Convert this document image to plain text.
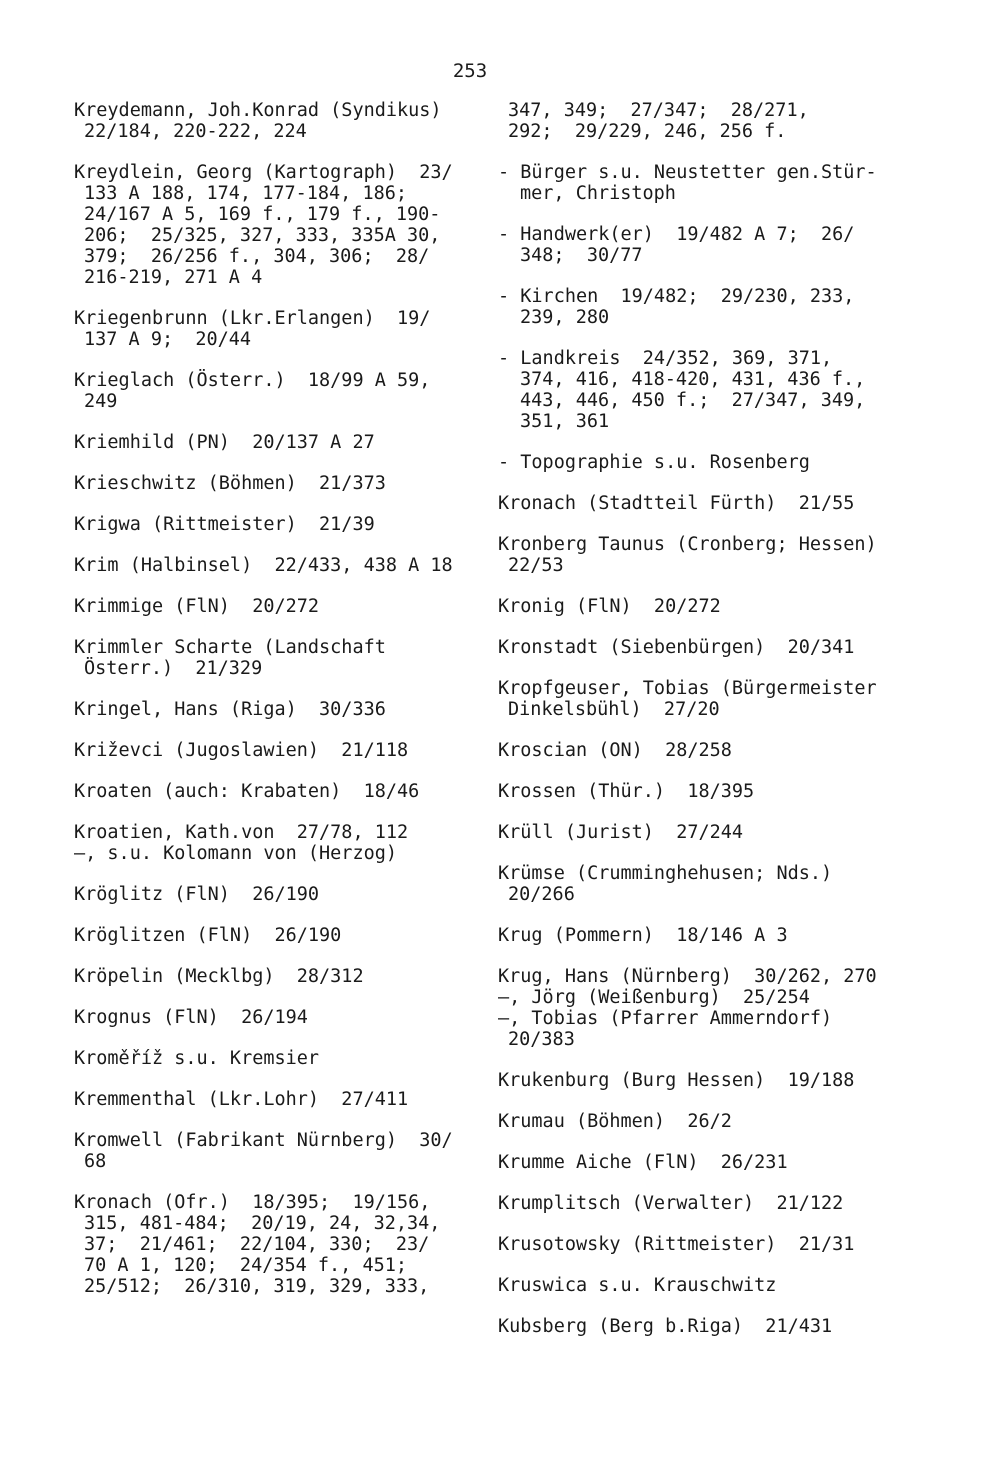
253
Kreydemann, Joh.Konrad (Syndikus)
22/184, 220-222, 224
Kreydlein, Georg (Kartograph)  23/
133 A 188, 174, 177-184, 186;
24/167 A 5, 169 f., 179 f., 190-
206;  25/325, 327, 333, 335A 30,
379;  26/256 f., 304, 306;  28/
216-219, 271 A 4
Kriegenbrunn (Lkr.Erlangen)  19/
137 A 9;  20/44
Krieglach (Österr.)  18/99 A 59,
249
Kriemhild (PN)  20/137 A 27
Krieschwitz (Böhmen)  21/373
Krigwa (Rittmeister)  21/39
Krim (Halbinsel)  22/433, 438 A 18
Krimmige (FlN)  20/272
Krimmler Scharte (Landschaft
Österr.)  21/329
Kringel, Hans (Riga)  30/336
Križevci (Jugoslawien)  21/118
Kroaten (auch: Krabaten)  18/46
Kroatien, Kath.von  27/78, 112
—, s.u. Kolomann von (Herzog)
Kröglitz (FlN)  26/190
Kröglitzen (FlN)  26/190
Kröpelin (Mecklbg)  28/312
Krognus (FlN)  26/194
Kroměříž s.u. Kremsier
Kremmenthal (Lkr.Lohr)  27/411
Kromwell (Fabrikant Nürnberg)  30/
68
Kronach (Ofr.)  18/395;  19/156,
315, 481-484;  20/19, 24, 32,34,
37;  21/461;  22/104, 330;  23/
70 A 1, 120;  24/354 f., 451;
25/512;  26/310, 319, 329, 333,
347, 349;  27/347;  28/271,
292;  29/229, 246, 256 f.
- Bürger s.u. Neustetter gen.Stür-
mer, Christoph
- Handwerk(er)  19/482 A 7;  26/
348;  30/77
- Kirchen  19/482;  29/230, 233,
239, 280
- Landkreis  24/352, 369, 371,
374, 416, 418-420, 431, 436 f.,
443, 446, 450 f.;  27/347, 349,
351, 361
- Topographie s.u. Rosenberg
Kronach (Stadtteil Fürth)  21/55
Kronberg Taunus (Cronberg; Hessen)
22/53
Kronig (FlN)  20/272
Kronstadt (Siebenbürgen)  20/341
Kropfgeuser, Tobias (Bürgermeister
Dinkelsbühl)  27/20
Kroscian (ON)  28/258
Krossen (Thür.)  18/395
Krüll (Jurist)  27/244
Krümse (Crumminghehusen; Nds.)
20/266
Krug (Pommern)  18/146 A 3
Krug, Hans (Nürnberg)  30/262, 270
—, Jörg (Weißenburg)  25/254
—, Tobias (Pfarrer Ammerndorf)
20/383
Krukenburg (Burg Hessen)  19/188
Krumau (Böhmen)  26/2
Krumme Aiche (FlN)  26/231
Krumplitsch (Verwalter)  21/122
Krusotowsky (Rittmeister)  21/31
Kruswica s.u. Krauschwitz
Kubsberg (Berg b.Riga)  21/431
